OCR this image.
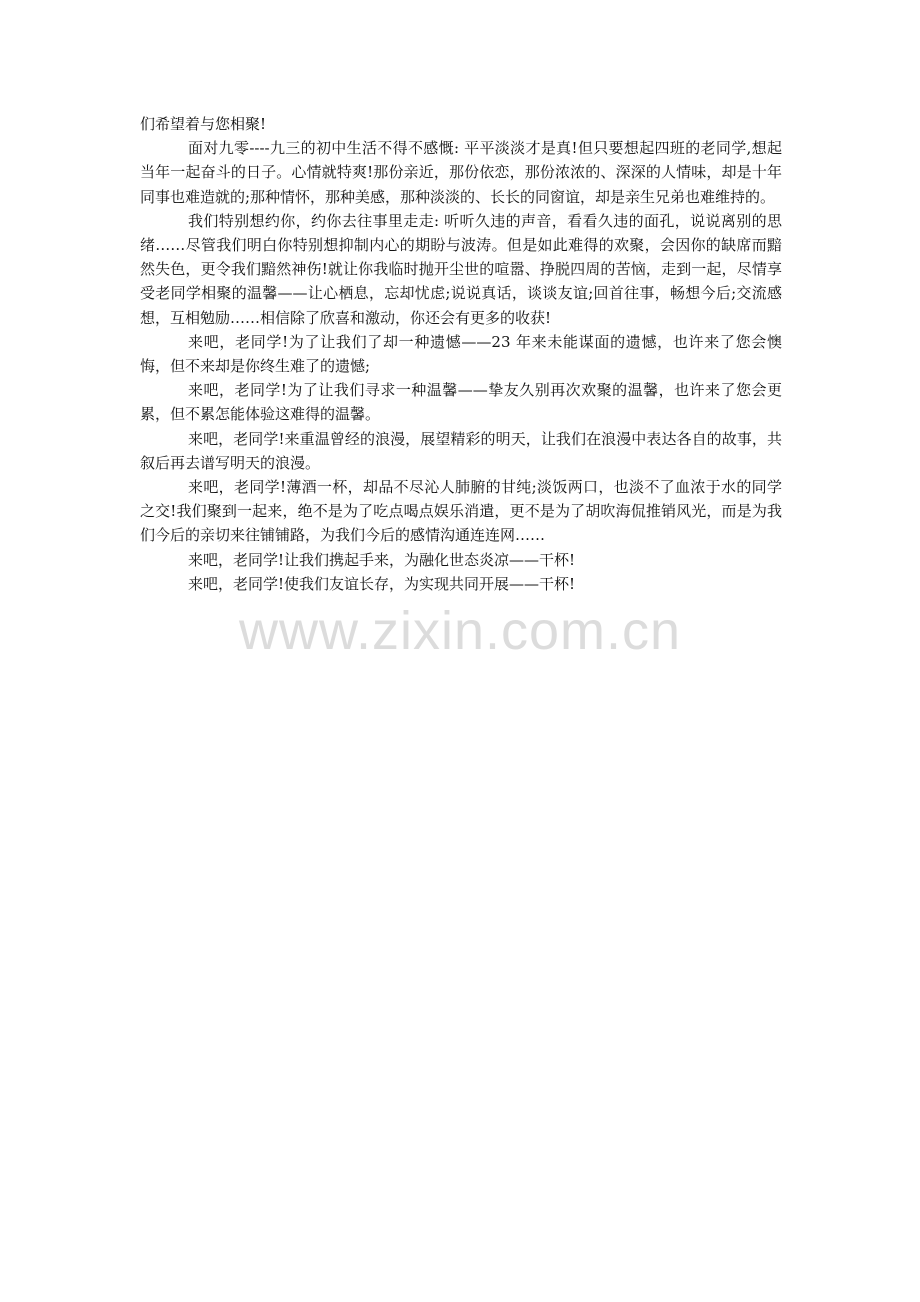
们希望着与您相聚!

面对九零----九三的初中生活不得不感慨: 平平淡淡才是真!但只要想起四班的老同学,想起当年一起奋斗的日子。心情就特爽!那份亲近，那份依恋，那份浓浓的、深深的人情味，却是十年同事也难造就的;那种情怀，那种美感，那种淡淡的、长长的同窗谊，却是亲生兄弟也难维持的。

我们特别想约你，约你去往事里走走: 听听久违的声音，看看久违的面孔，说说离别的思绪……尽管我们明白你特别想抑制内心的期盼与波涛。但是如此难得的欢聚，会因你的缺席而黯然失色，更令我们黯然神伤!就让你我临时抛开尘世的喧嚣、挣脱四周的苦恼，走到一起，尽情享受老同学相聚的温馨——让心栖息，忘却忧虑;说说真话，谈谈友谊;回首往事，畅想今后;交流感想，互相勉励……相信除了欣喜和激动，你还会有更多的收获!

来吧，老同学!为了让我们了却一种遗憾——23 年来未能谋面的遗憾，也许来了您会懊悔，但不来却是你终生难了的遗憾;

来吧，老同学!为了让我们寻求一种温馨——挚友久别再次欢聚的温馨，也许来了您会更累，但不累怎能体验这难得的温馨。

来吧，老同学!来重温曾经的浪漫，展望精彩的明天，让我们在浪漫中表达各自的故事，共叙后再去谱写明天的浪漫。

来吧，老同学!薄酒一杯，却品不尽沁人肺腑的甘纯;淡饭两口，也淡不了血浓于水的同学之交!我们聚到一起来，绝不是为了吃点喝点娱乐消遣，更不是为了胡吹海侃推销风光，而是为我们今后的亲切来往铺铺路，为我们今后的感情沟通连连网……

来吧，老同学!让我们携起手来，为融化世态炎凉——干杯!

来吧，老同学!使我们友谊长存，为实现共同开展——干杯!

www.zixin.com.cn
